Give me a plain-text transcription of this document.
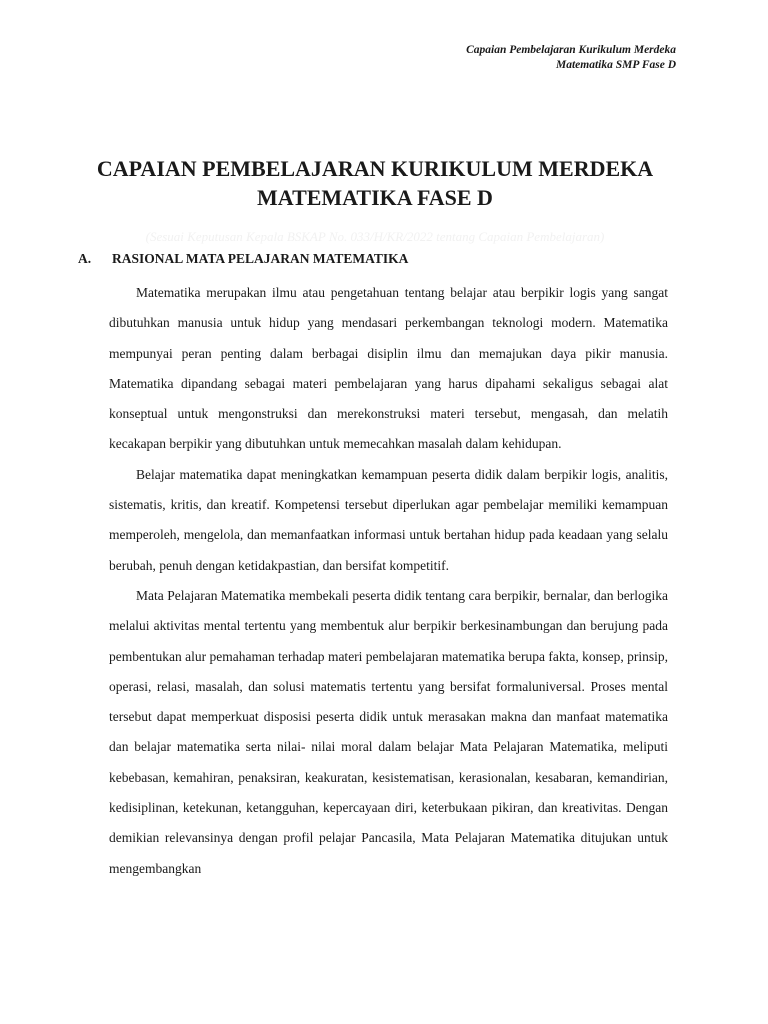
Capaian Pembelajaran Kurikulum Merdeka
Matematika SMP Fase D
CAPAIAN PEMBELAJARAN KURIKULUM MERDEKA
MATEMATIKA FASE D
(Sesuai Keputusan Kepala BSKAP No. 033/H/KR/2022 tentang Capaian Pembelajaran)
A. RASIONAL MATA PELAJARAN MATEMATIKA

Matematika merupakan ilmu atau pengetahuan tentang belajar atau berpikir logis yang sangat dibutuhkan manusia untuk hidup yang mendasari perkembangan teknologi modern. Matematika mempunyai peran penting dalam berbagai disiplin ilmu dan memajukan daya pikir manusia. Matematika dipandang sebagai materi pembelajaran yang harus dipahami sekaligus sebagai alat konseptual untuk mengonstruksi dan merekonstruksi materi tersebut, mengasah, dan melatih kecakapan berpikir yang dibutuhkan untuk memecahkan masalah dalam kehidupan.

Belajar matematika dapat meningkatkan kemampuan peserta didik dalam berpikir logis, analitis, sistematis, kritis, dan kreatif. Kompetensi tersebut diperlukan agar pembelajar memiliki kemampuan memperoleh, mengelola, dan memanfaatkan informasi untuk bertahan hidup pada keadaan yang selalu berubah, penuh dengan ketidakpastian, dan bersifat kompetitif.

Mata Pelajaran Matematika membekali peserta didik tentang cara berpikir, bernalar, dan berlogika melalui aktivitas mental tertentu yang membentuk alur berpikir berkesinambungan dan berujung pada pembentukan alur pemahaman terhadap materi pembelajaran matematika berupa fakta, konsep, prinsip, operasi, relasi, masalah, dan solusi matematis tertentu yang bersifat formaluniversal. Proses mental tersebut dapat memperkuat disposisi peserta didik untuk merasakan makna dan manfaat matematika dan belajar matematika serta nilai- nilai moral dalam belajar Mata Pelajaran Matematika, meliputi kebebasan, kemahiran, penaksiran, keakuratan, kesistematisan, kerasionalan, kesabaran, kemandirian, kedisiplinan, ketekunan, ketangguhan, kepercayaan diri, keterbukaan pikiran, dan kreativitas. Dengan demikian relevansinya dengan profil pelajar Pancasila, Mata Pelajaran Matematika ditujukan untuk mengembangkan
